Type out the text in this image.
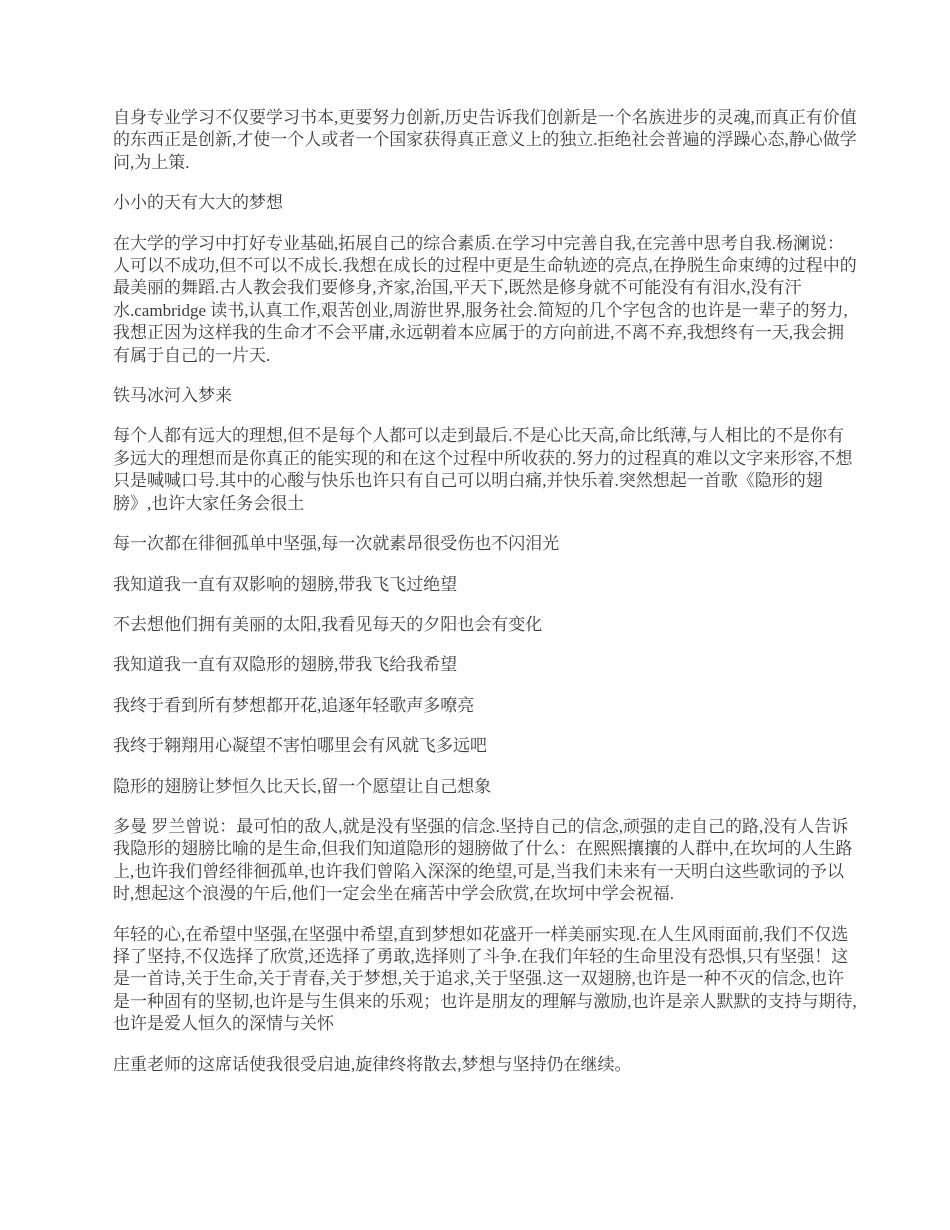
自身专业学习不仅要学习书本,更要努力创新,历史告诉我们创新是一个名族进步的灵魂,而真正有价值的东西正是创新,才使一个人或者一个国家获得真正意义上的独立.拒绝社会普遍的浮躁心态,静心做学问,为上策.

小小的天有大大的梦想

在大学的学习中打好专业基础,拓展自己的综合素质.在学习中完善自我,在完善中思考自我.杨澜说：人可以不成功,但不可以不成长.我想在成长的过程中更是生命轨迹的亮点,在挣脱生命束缚的过程中的最美丽的舞蹈.古人教会我们要修身,齐家,治国,平天下,既然是修身就不可能没有有泪水,没有汗水.cambridge 读书,认真工作,艰苦创业,周游世界,服务社会.简短的几个字包含的也许是一辈子的努力,我想正因为这样我的生命才不会平庸,永远朝着本应属于的方向前进,不离不弃,我想终有一天,我会拥有属于自己的一片天.

铁马冰河入梦来

每个人都有远大的理想,但不是每个人都可以走到最后.不是心比天高,命比纸薄,与人相比的不是你有多远大的理想而是你真正的能实现的和在这个过程中所收获的.努力的过程真的难以文字来形容,不想只是喊喊口号.其中的心酸与快乐也许只有自己可以明白痛,并快乐着.突然想起一首歌《隐形的翅膀》,也许大家任务会很土

每一次都在徘徊孤单中坚强,每一次就素昂很受伤也不闪泪光

我知道我一直有双影响的翅膀,带我飞飞过绝望

不去想他们拥有美丽的太阳,我看见每天的夕阳也会有变化

我知道我一直有双隐形的翅膀,带我飞给我希望

我终于看到所有梦想都开花,追逐年轻歌声多嘹亮

我终于翱翔用心凝望不害怕哪里会有风就飞多远吧

隐形的翅膀让梦恒久比天长,留一个愿望让自己想象

多曼 罗兰曾说：最可怕的敌人,就是没有坚强的信念.坚持自己的信念,顽强的走自己的路,没有人告诉我隐形的翅膀比喻的是生命,但我们知道隐形的翅膀做了什么：在熙熙攘攘的人群中,在坎坷的人生路上,也许我们曾经徘徊孤单,也许我们曾陷入深深的绝望,可是,当我们未来有一天明白这些歌词的予以时,想起这个浪漫的午后,他们一定会坐在痛苦中学会欣赏,在坎坷中学会祝福.

年轻的心,在希望中坚强,在坚强中希望,直到梦想如花盛开一样美丽实现.在人生风雨面前,我们不仅选择了坚持,不仅选择了欣赏,还选择了勇敢,选择则了斗争.在我们年轻的生命里没有恐惧,只有坚强！这是一首诗,关于生命,关于青春,关于梦想,关于追求,关于坚强.这一双翅膀,也许是一种不灭的信念,也许是一种固有的坚韧,也许是与生俱来的乐观；也许是朋友的理解与激励,也许是亲人默默的支持与期待,也许是爱人恒久的深情与关怀

庄重老师的这席话使我很受启迪,旋律终将散去,梦想与坚持仍在继续。
